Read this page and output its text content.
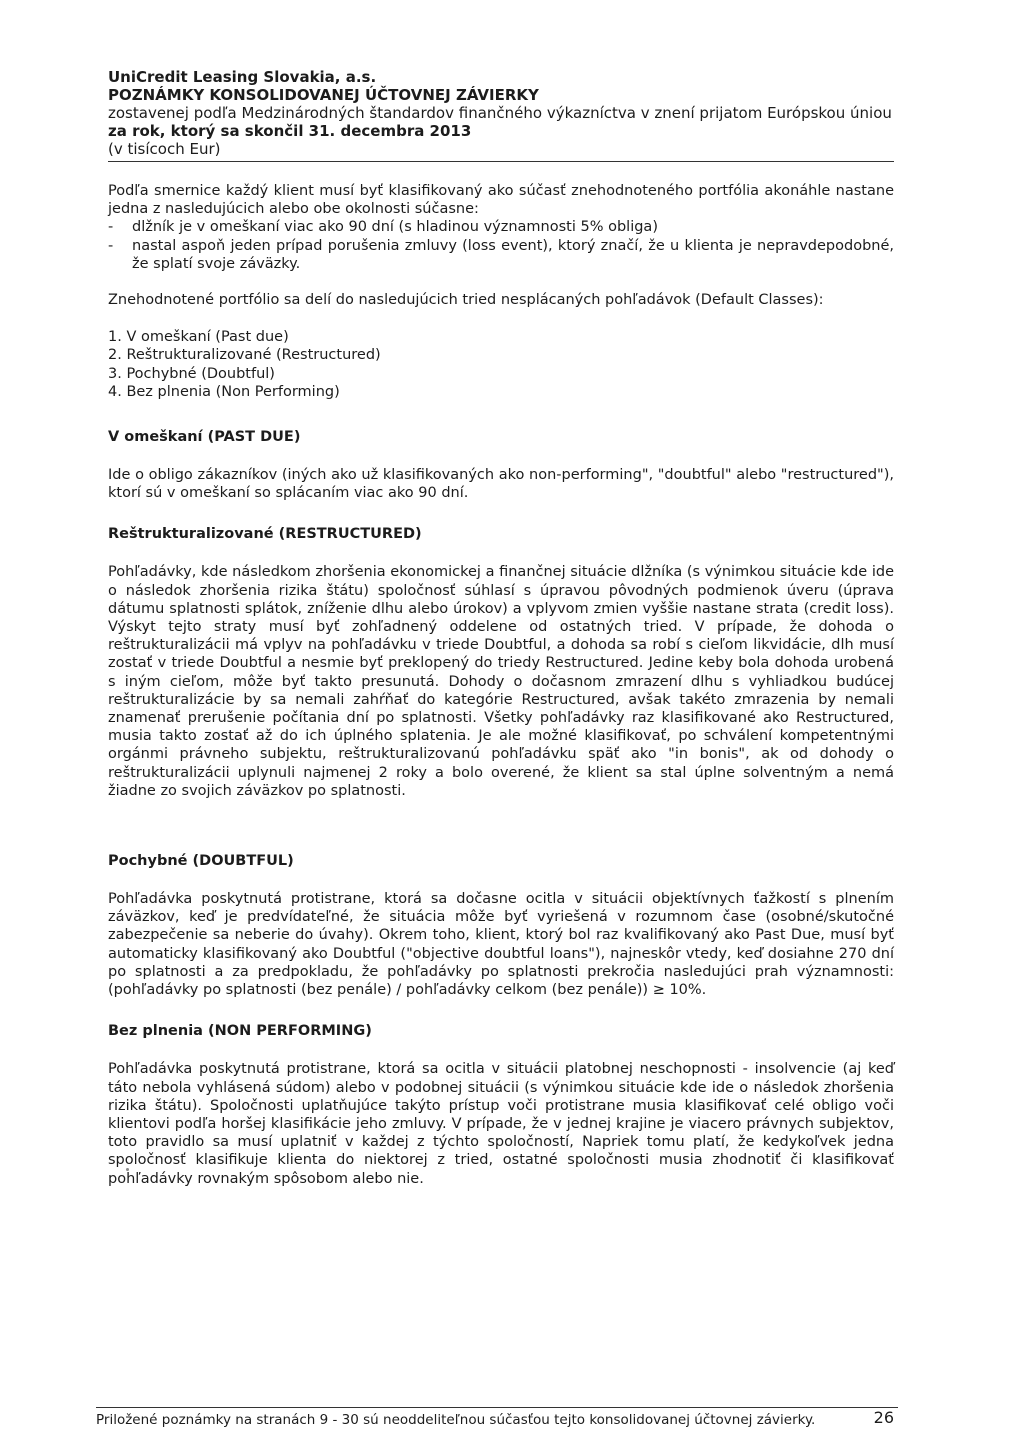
UniCredit Leasing Slovakia, a.s.
POZNÁMKY KONSOLIDOVANEJ ÚČTOVNEJ ZÁVIERKY
zostavenej podľa Medzinárodných štandardov finančného výkazníctva v znení prijatom Európskou úniou
za rok, ktorý sa skončil 31. decembra 2013
(v tisícoch Eur)

Podľa smernice každý klient musí byť klasifikovaný ako súčasť znehodnoteného portfólia akonáhle nastane jedna z nasledujúcich alebo obe okolnosti súčasne:

- dlžník je v omeškaní viac ako 90 dní (s hladinou významnosti 5% obliga)
- nastal aspoň jeden prípad porušenia zmluvy (loss event), ktorý značí, že u klienta je nepravdepodobné, že splatí svoje záväzky.

Znehodnotené portfólio sa delí do nasledujúcich tried nesplácaných pohľadávok (Default Classes):

1. V omeškaní (Past due)
2. Reštrukturalizované (Restructured)
3. Pochybné (Doubtful)
4. Bez plnenia (Non Performing)
V omeškaní (PAST DUE)

Ide o obligo zákazníkov (iných ako už klasifikovaných ako non-performing", "doubtful" alebo "restructured"), ktorí sú v omeškaní so splácaním viac ako 90 dní.

Reštrukturalizované (RESTRUCTURED)

Pohľadávky, kde následkom zhoršenia ekonomickej a finančnej situácie dlžníka (s výnimkou situácie kde ide o následok zhoršenia rizika štátu) spoločnosť súhlasí s úpravou pôvodných podmienok úveru (úprava dátumu splatnosti splátok, zníženie dlhu alebo úrokov) a vplyvom zmien vyššie nastane strata (credit loss). Výskyt tejto straty musí byť zohľadnený oddelene od ostatných tried. V prípade, že dohoda o reštrukturalizácii má vplyv na pohľadávku v triede Doubtful, a dohoda sa robí s cieľom likvidácie, dlh musí zostať v triede Doubtful a nesmie byť preklopený do triedy Restructured. Jedine keby bola dohoda urobená s iným cieľom, môže byť takto presunutá. Dohody o dočasnom zmrazení dlhu s vyhliadkou budúcej reštrukturalizácie by sa nemali zahŕňať do kategórie Restructured, avšak takéto zmrazenia by nemali znamenať prerušenie počítania dní po splatnosti. Všetky pohľadávky raz klasifikované ako Restructured, musia takto zostať až do ich úplného splatenia. Je ale možné klasifikovať, po schválení kompetentnými orgánmi právneho subjektu, reštrukturalizovanú pohľadávku späť ako "in bonis", ak od dohody o reštrukturalizácii uplynuli najmenej 2 roky a bolo overené, že klient sa stal úplne solventným a nemá žiadne zo svojich záväzkov po splatnosti.

Pochybné (DOUBTFUL)

Pohľadávka poskytnutá protistrane, ktorá sa dočasne ocitla v situácii objektívnych ťažkostí s plnením záväzkov, keď je predvídateľné, že situácia môže byť vyriešená v rozumnom čase (osobné/skutočné zabezpečenie sa neberie do úvahy). Okrem toho, klient, ktorý bol raz kvalifikovaný ako Past Due, musí byť automaticky klasifikovaný ako Doubtful ("objective doubtful loans"), najneskôr vtedy, keď dosiahne 270 dní po splatnosti a za predpokladu, že pohľadávky po splatnosti prekročia nasledujúci prah významnosti: (pohľadávky po splatnosti (bez penále) / pohľadávky celkom (bez penále)) ≥ 10%.

Bez plnenia (NON PERFORMING)

Pohľadávka poskytnutá protistrane, ktorá sa ocitla v situácii platobnej neschopnosti - insolvencie (aj keď táto nebola vyhlásená súdom) alebo v podobnej situácii (s výnimkou situácie kde ide o následok zhoršenia rizika štátu). Spoločnosti uplatňujúce takýto prístup voči protistrane musia klasifikovať celé obligo voči klientovi podľa horšej klasifikácie jeho zmluvy. V prípade, že v jednej krajine je viacero právnych subjektov, toto pravidlo sa musí uplatniť v každej z týchto spoločností, Napriek tomu platí, že kedykoľvek jedna spoločnosť klasifikuje klienta do niektorej z tried, ostatné spoločnosti musia zhodnotiť či klasifikovať pohľadávky rovnakým spôsobom alebo nie.

Priložené poznámky na stranách 9 - 30 sú neoddeliteľnou súčasťou tejto konsolidovanej účtovnej závierky.	26
